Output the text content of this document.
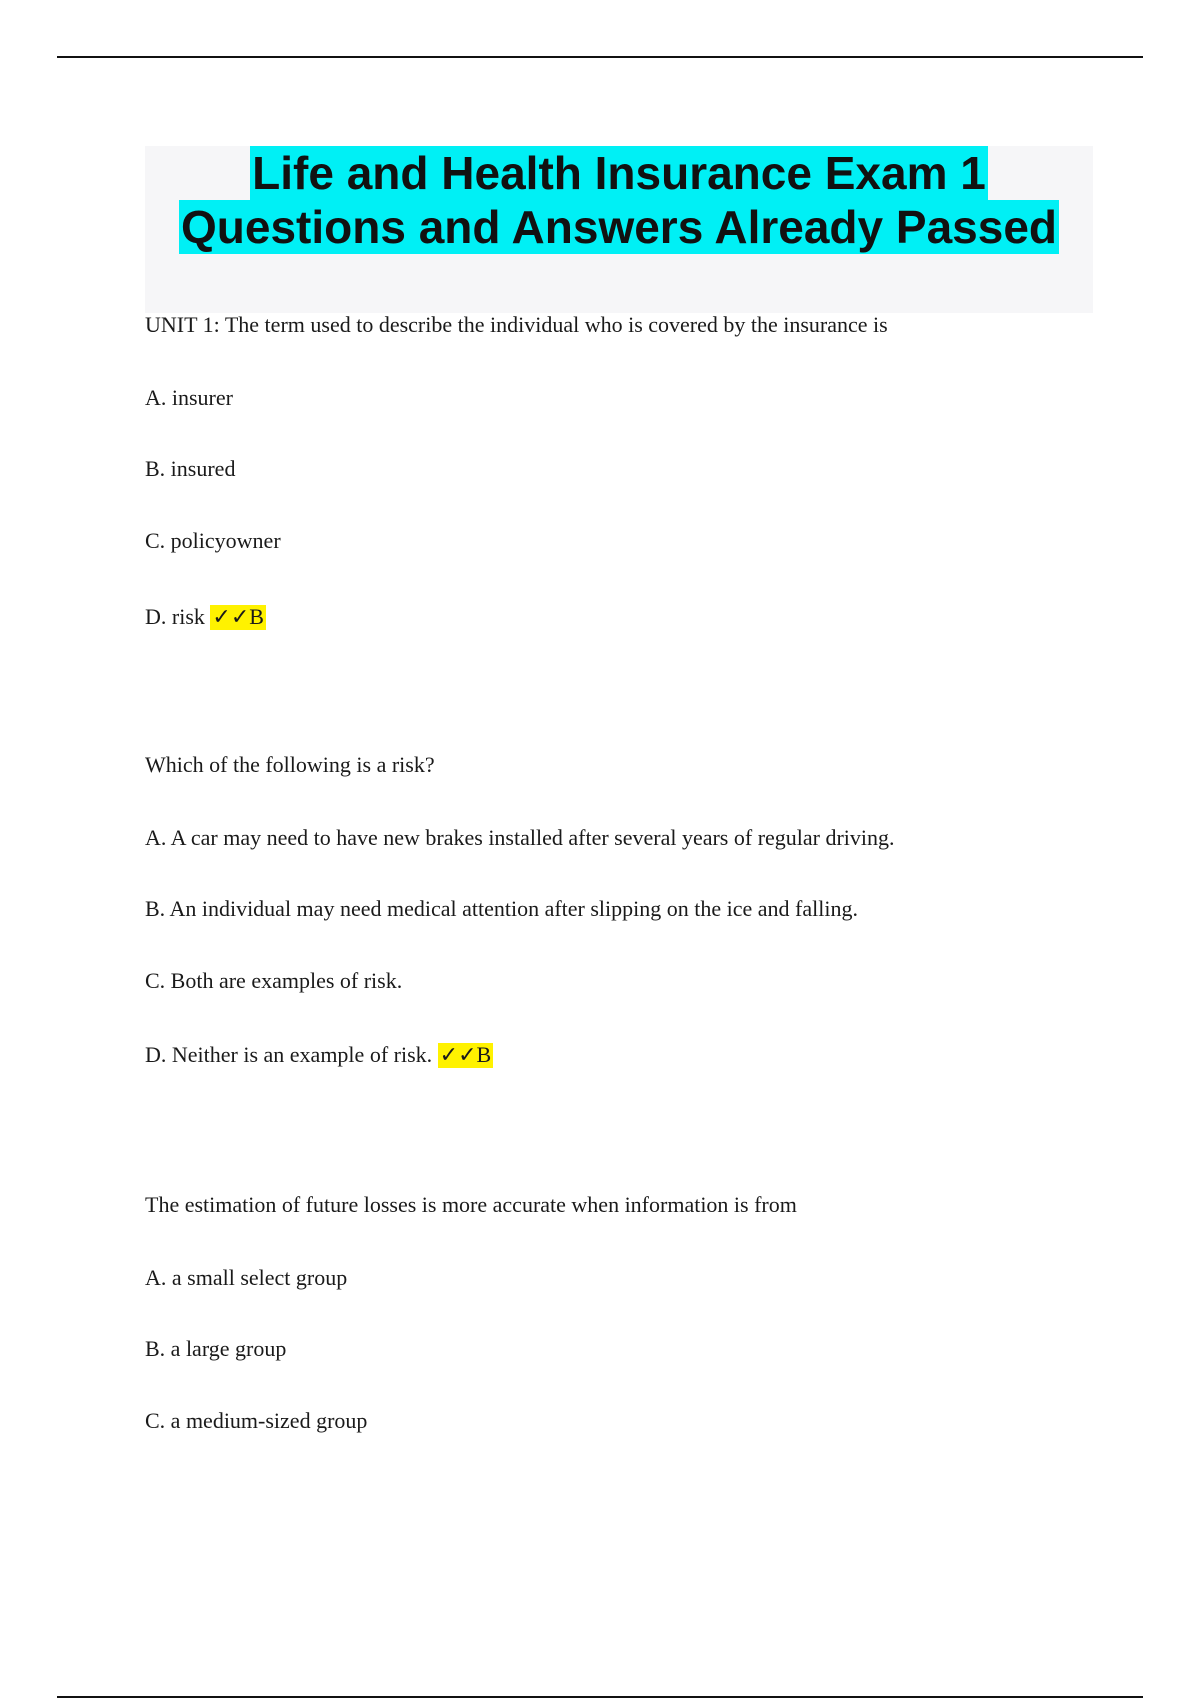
Life and Health Insurance Exam 1
Questions and Answers Already Passed
UNIT 1: The term used to describe the individual who is covered by the insurance is
A. insurer
B. insured
C. policyowner
D. risk ✓✓B
Which of the following is a risk?
A. A car may need to have new brakes installed after several years of regular driving.
B. An individual may need medical attention after slipping on the ice and falling.
C. Both are examples of risk.
D. Neither is an example of risk. ✓✓B
The estimation of future losses is more accurate when information is from
A. a small select group
B. a large group
C. a medium-sized group
